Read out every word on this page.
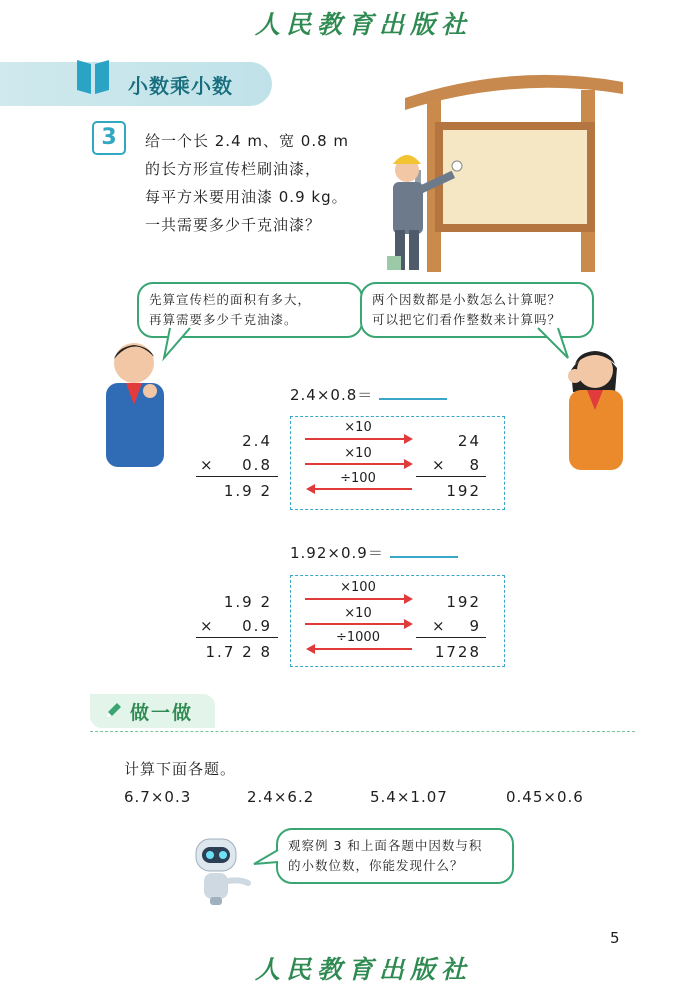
人民教育出版社
小数乘小数
3	给一个长 2.4 m、宽 0.8 m
的长方形宣传栏刷油漆，
每平方米要用油漆 0.9 kg。
一共需要多少千克油漆？
先算宣传栏的面积有多大，
再算需要多少千克油漆。
两个因数都是小数怎么计算呢？
可以把它们看作整数来计算吗？
2.4×0.8＝
2.4
×	0.8
1.9 2
×10
×10
÷100
24
×	8
192
1.92×0.9＝
1.9 2
×	0.9
1.7 2 8
×100
×10
÷1000
192
×	9
1728
做一做
计算下面各题。
6.7×0.3	2.4×6.2	5.4×1.07	0.45×0.6
观察例 3 和上面各题中因数与积
的小数位数，你能发现什么？
5
人民教育出版社
